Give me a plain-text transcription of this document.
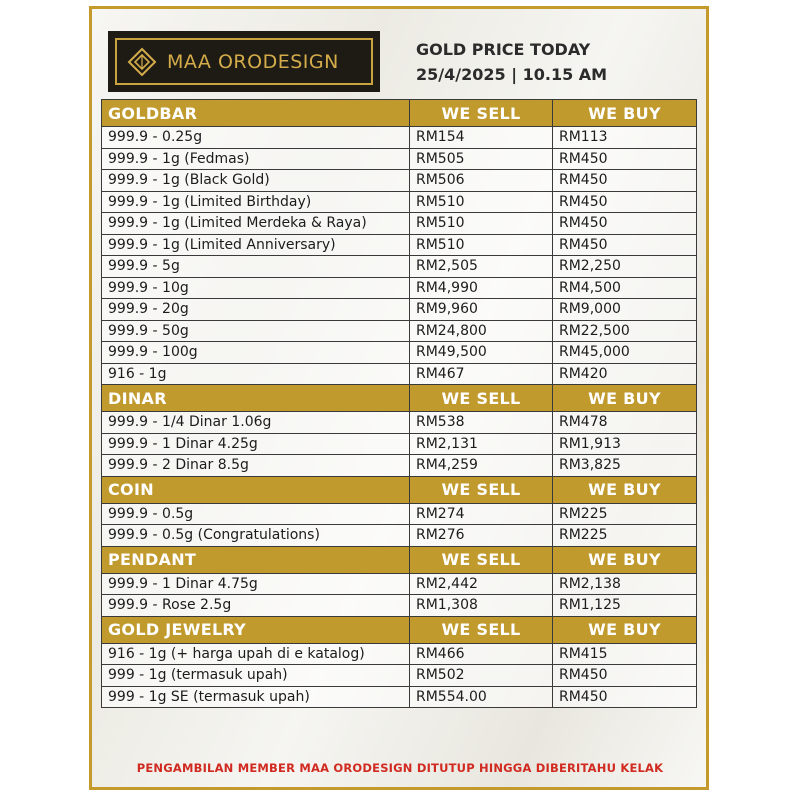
MAA ORODESIGN
GOLD PRICE TODAY
25/4/2025 | 10.15 AM
GOLDBAR	WE SELL	WE BUY
999.9 - 0.25g	RM154	RM113
999.9 - 1g (Fedmas)	RM505	RM450
999.9 - 1g (Black Gold)	RM506	RM450
999.9 - 1g (Limited Birthday)	RM510	RM450
999.9 - 1g (Limited Merdeka & Raya)	RM510	RM450
999.9 - 1g (Limited Anniversary)	RM510	RM450
999.9 - 5g	RM2,505	RM2,250
999.9 - 10g	RM4,990	RM4,500
999.9 - 20g	RM9,960	RM9,000
999.9 - 50g	RM24,800	RM22,500
999.9 - 100g	RM49,500	RM45,000
916 - 1g	RM467	RM420
DINAR	WE SELL	WE BUY
999.9 - 1/4 Dinar 1.06g	RM538	RM478
999.9 - 1 Dinar 4.25g	RM2,131	RM1,913
999.9 - 2 Dinar 8.5g	RM4,259	RM3,825
COIN	WE SELL	WE BUY
999.9 - 0.5g	RM274	RM225
999.9 - 0.5g (Congratulations)	RM276	RM225
PENDANT	WE SELL	WE BUY
999.9 - 1 Dinar 4.75g	RM2,442	RM2,138
999.9 - Rose 2.5g	RM1,308	RM1,125
GOLD JEWELRY	WE SELL	WE BUY
916 - 1g (+ harga upah di e katalog)	RM466	RM415
999 - 1g (termasuk upah)	RM502	RM450
999 - 1g SE (termasuk upah)	RM554.00	RM450
PENGAMBILAN MEMBER MAA ORODESIGN DITUTUP HINGGA DIBERITAHU KELAK
